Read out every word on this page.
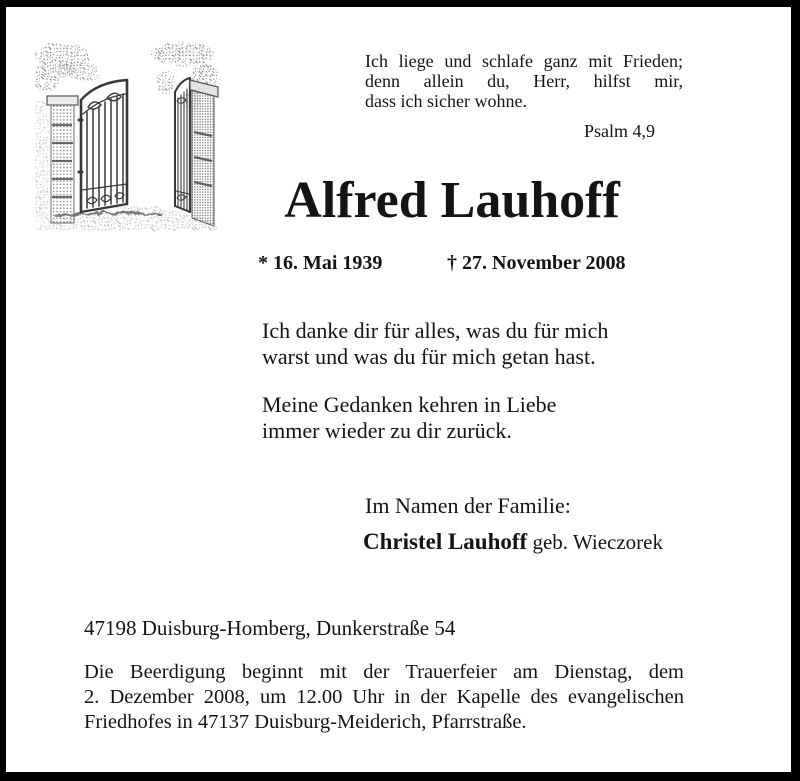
Ich liege und schlafe ganz mit Frieden;
denn allein du, Herr, hilfst mir,
dass ich sicher wohne.
Psalm 4,9
Alfred Lauhoff
* 16. Mai 1939	† 27. November 2008
Ich danke dir für alles, was du für mich
warst und was du für mich getan hast.
Meine Gedanken kehren in Liebe
immer wieder zu dir zurück.
Im Namen der Familie:
Christel Lauhoff geb. Wieczorek
47198 Duisburg-Homberg, Dunkerstraße 54
Die Beerdigung beginnt mit der Trauerfeier am Dienstag, dem
2. Dezember 2008, um 12.00 Uhr in der Kapelle des evangelischen
Friedhofes in 47137 Duisburg-Meiderich, Pfarrstraße.
